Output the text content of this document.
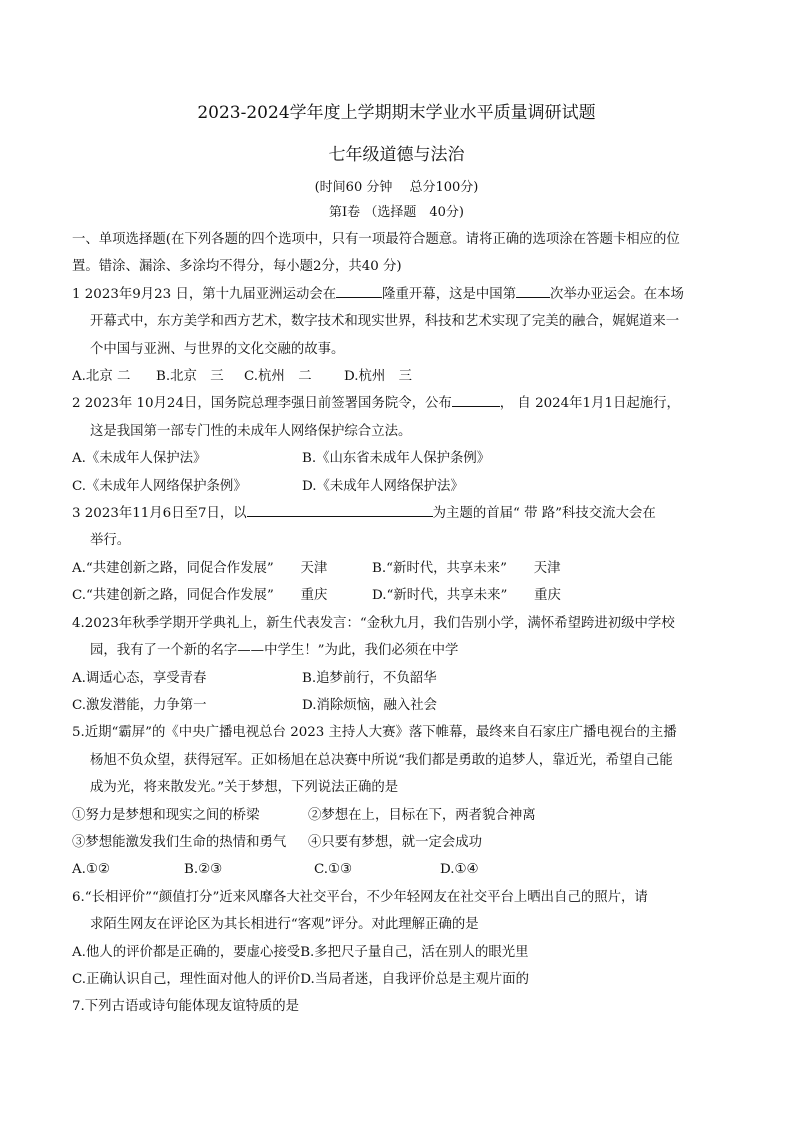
2023-2024学年度上学期期末学业水平质量调研试题
七年级道德与法治
(时间60 分钟　 总分100分)
第Ⅰ卷 （选择题　40分)

一、单项选择题(在下列各题的四个选项中，只有一项最符合题意。请将正确的选项涂在答题卡相应的位

置。错涂、漏涂、多涂均不得分，每小题2分，共40 分)

1 2023年9月23 日，第十九届亚洲运动会在	隆重开幕，这是中国第	次举办亚运会。在本场

开幕式中，东方美学和西方艺术，数字技术和现实世界，科技和艺术实现了完美的融合，娓娓道来一

个中国与亚洲、与世界的文化交融的故事。

A.北京 二	B.北京　三	C.杭州　二	D.杭州　三

2 2023年 10月24日，国务院总理李强日前签署国务院令，公布	， 自 2024年1月1日起施行，

这是我国第一部专门性的未成年人网络保护综合立法。

A.《未成年人保护法》	B.《山东省未成年人保护条例》

C.《未成年人网络保护条例》	D.《未成年人网络保护法》

3 2023年11月6日至7日，以	为主题的首届“ 带 路”科技交流大会在

举行。

A.“共建创新之路，同促合作发展”　　天津	B.“新时代，共享未来”　　天津

C.“共建创新之路，同促合作发展”　　重庆	D.“新时代，共享未来”　　重庆

4.2023年秋季学期开学典礼上，新生代表发言：“金秋九月，我们告别小学，满怀希望跨进初级中学校

园，我有了一个新的名字——中学生！”为此，我们必须在中学

A.调适心态，享受青春	B.追梦前行，不负韶华

C.激发潜能，力争第一	D.消除烦恼，融入社会

5.近期“霸屏”的《中央广播电视总台 2023 主持人大赛》落下帷幕，最终来自石家庄广播电视台的主播

杨旭不负众望，获得冠军。正如杨旭在总决赛中所说“我们都是勇敢的追梦人，靠近光，希望自己能

成为光，将来散发光。”关于梦想，下列说法正确的是

①努力是梦想和现实之间的桥梁	②梦想在上，目标在下，两者貌合神离

③梦想能激发我们生命的热情和勇气	④只要有梦想，就一定会成功

A.①②	B.②③	C.①③	D.①④

6.“长相评价”“颜值打分”近来风靡各大社交平台，不少年轻网友在社交平台上晒出自己的照片，请

求陌生网友在评论区为其长相进行“客观”评分。对此理解正确的是

A.他人的评价都是正确的，要虚心接受B.多把尺子量自己，活在别人的眼光里

C.正确认识自己，理性面对他人的评价D.当局者迷，自我评价总是主观片面的

7.下列古语或诗句能体现友谊特质的是
